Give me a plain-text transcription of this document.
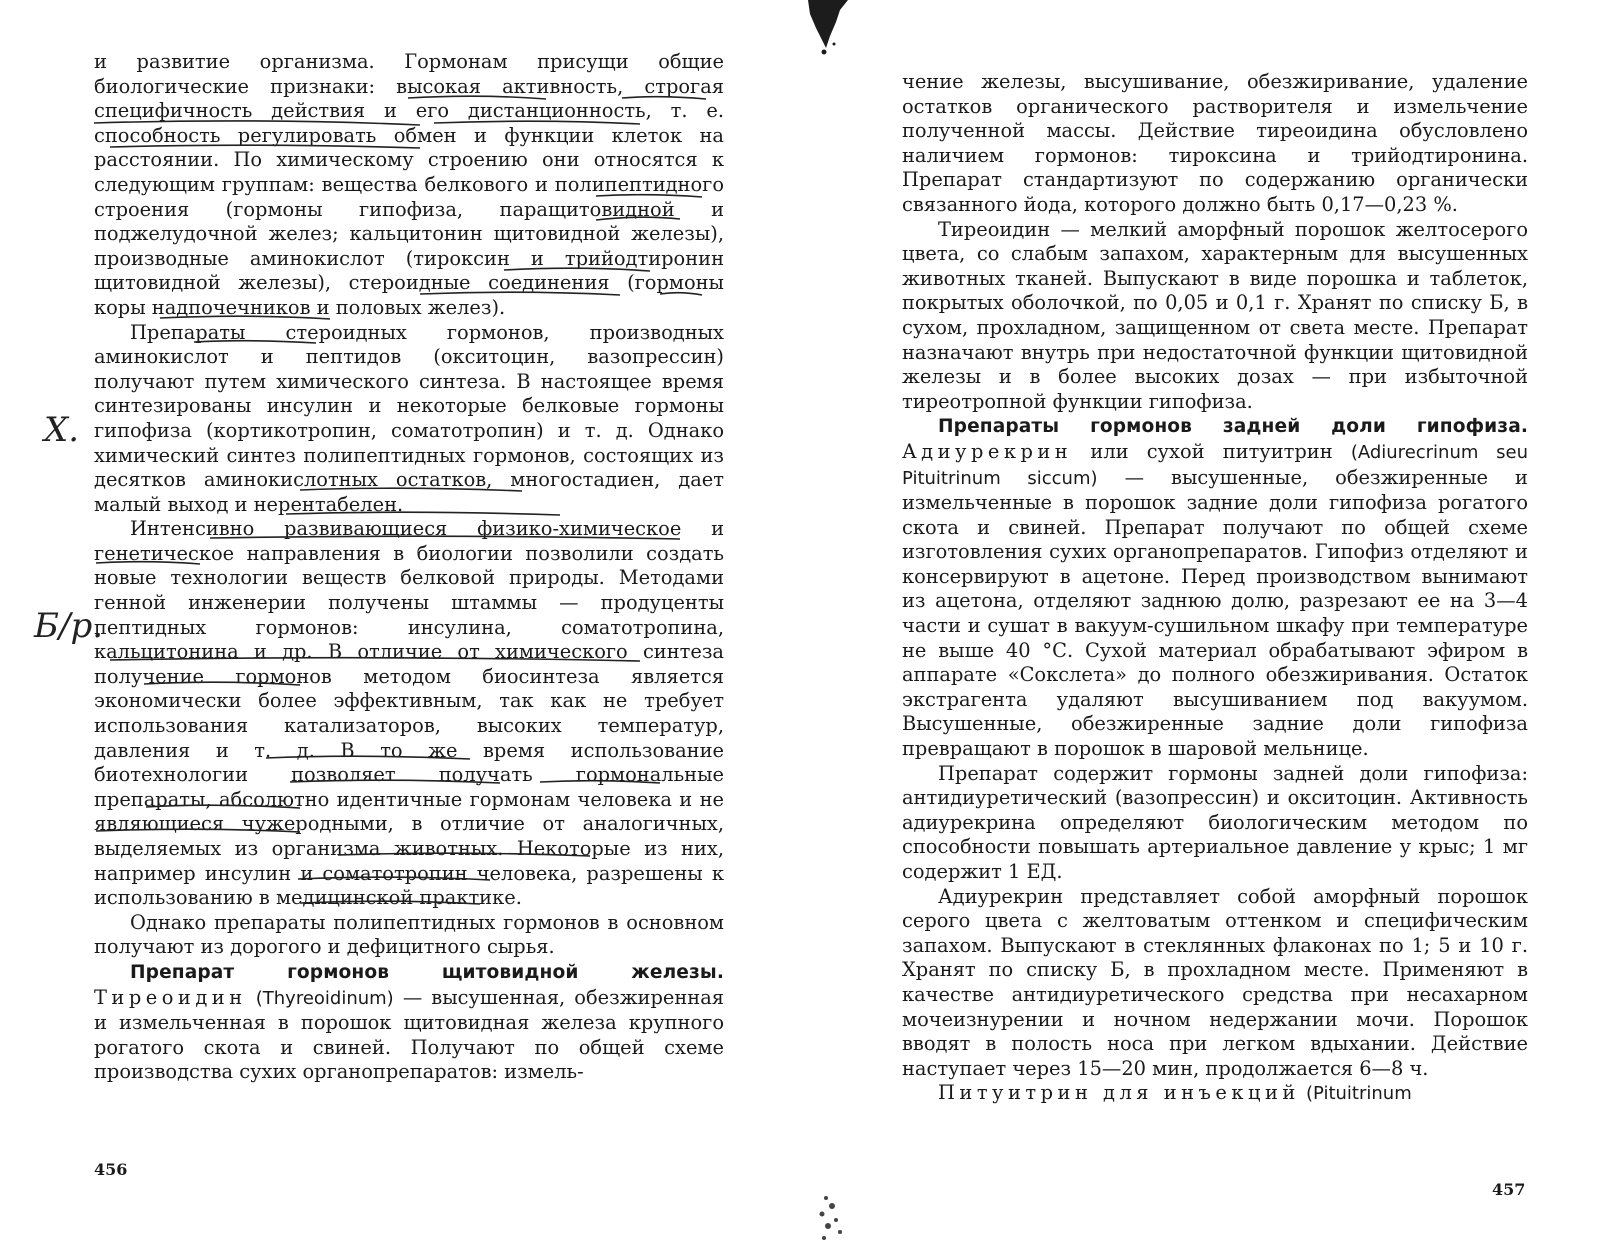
и развитие организма. Гормонам присущи общие биологические признаки: высокая активность, строгая специфичность действия и его дистанционность, т. е. способность регулировать обмен и функции клеток на расстоянии. По химическому строению они относятся к следующим группам: вещества белкового и полипептидного строения (гормоны гипофиза, паращитовидной и поджелудочной желез; кальцитонин щитовидной железы), производные аминокислот (тироксин и трийодтиронин щитовидной железы), стероидные соединения (гормоны коры надпочечников и половых желез).

Препараты стероидных гормонов, производных аминокислот и пептидов (окситоцин, вазопрессин) получают путем химического синтеза. В настоящее время синтезированы инсулин и некоторые белковые гормоны гипофиза (кортикотропин, соматотропин) и т. д. Однако химический синтез полипептидных гормонов, состоящих из десятков аминокислотных остатков, многостадиен, дает малый выход и нерентабелен.

Интенсивно развивающиеся физико-химическое и генетическое направления в биологии позволили создать новые технологии веществ белковой природы. Методами генной инженерии получены штаммы — продуценты пептидных гормонов: инсулина, соматотропина, кальцитонина и др. В отличие от химического синтеза получение гормонов методом биосинтеза является экономически более эффективным, так как не требует использования катализаторов, высоких температур, давления и т. д. В то же время использование биотехнологии позволяет получать гормональные препараты, абсолютно идентичные гормонам человека и не являющиеся чужеродными, в отличие от аналогичных, выделяемых из организма животных. Некоторые из них, например инсулин и соматотропин человека, разрешены к использованию в медицинской практике.

Однако препараты полипептидных гормонов в основном получают из дорогого и дефицитного сырья.

Препарат гормонов щитовидной железы. Тиреоидин (Thyreoidinum) — высушенная, обезжиренная и измельченная в порошок щитовидная железа крупного рогатого скота и свиней. Получают по общей схеме производства сухих органопрепаратов: измель-

456
Х.
Б/р.

чение железы, высушивание, обезжиривание, удаление остатков органического растворителя и измельчение полученной массы. Действие тиреоидина обусловлено наличием гормонов: тироксина и трийодтиронина. Препарат стандартизуют по содержанию органически связанного йода, которого должно быть 0,17—0,23 %.

Тиреоидин — мелкий аморфный порошок желтосерого цвета, со слабым запахом, характерным для высушенных животных тканей. Выпускают в виде порошка и таблеток, покрытых оболочкой, по 0,05 и 0,1 г. Хранят по списку Б, в сухом, прохладном, защищенном от света месте. Препарат назначают внутрь при недостаточной функции щитовидной железы и в более высоких дозах — при избыточной тиреотропной функции гипофиза.

Препараты гормонов задней доли гипофиза. Адиурекрин или сухой питуитрин (Adiurecrinum seu Pituitrinum siccum) — высушенные, обезжиренные и измельченные в порошок задние доли гипофиза рогатого скота и свиней. Препарат получают по общей схеме изготовления сухих органопрепаратов. Гипофиз отделяют и консервируют в ацетоне. Перед производством вынимают из ацетона, отделяют заднюю долю, разрезают ее на 3—4 части и сушат в вакуум-сушильном шкафу при температуре не выше 40 °С. Сухой материал обрабатывают эфиром в аппарате «Сокслета» до полного обезжиривания. Остаток экстрагента удаляют высушиванием под вакуумом. Высушенные, обезжиренные задние доли гипофиза превращают в порошок в шаровой мельнице.

Препарат содержит гормоны задней доли гипофиза: антидиуретический (вазопрессин) и окситоцин. Активность адиурекрина определяют биологическим методом по способности повышать артериальное давление у крыс; 1 мг содержит 1 ЕД.

Адиурекрин представляет собой аморфный порошок серого цвета с желтоватым оттенком и специфическим запахом. Выпускают в стеклянных флаконах по 1; 5 и 10 г. Хранят по списку Б, в прохладном месте. Применяют в качестве антидиуретического средства при несахарном мочеизнурении и ночном недержании мочи. Порошок вводят в полость носа при легком вдыхании. Действие наступает через 15—20 мин, продолжается 6—8 ч.

Питуитрин для инъекций (Pituitrinum

457
